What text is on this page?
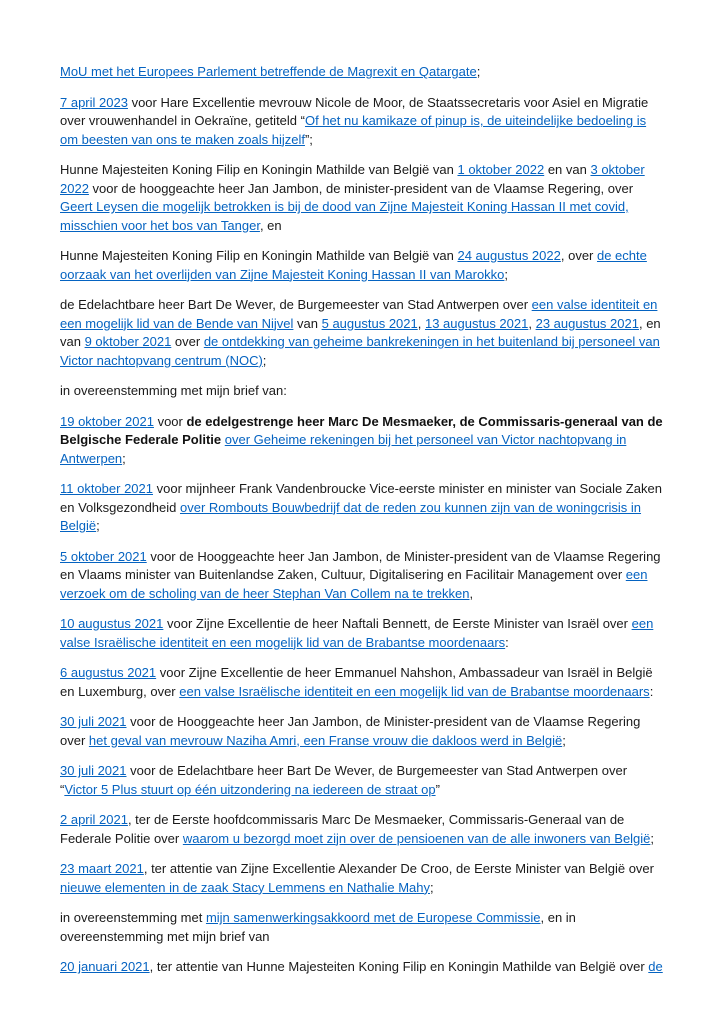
MoU met het Europees Parlement betreffende de Magrexit en Qatargate;

7 april 2023 voor Hare Excellentie mevrouw Nicole de Moor, de Staatssecretaris voor Asiel en Migratie over vrouwenhandel in Oekraïne, getiteld “Of het nu kamikaze of pinup is, de uiteindelijke bedoeling is om beesten van ons te maken zoals hijzelf”;

Hunne Majesteiten Koning Filip en Koningin Mathilde van België van 1 oktober 2022 en van 3 oktober 2022 voor de hooggeachte heer Jan Jambon, de minister-president van de Vlaamse Regering, over Geert Leysen die mogelijk betrokken is bij de dood van Zijne Majesteit Koning Hassan II met covid, misschien voor het bos van Tanger, en

Hunne Majesteiten Koning Filip en Koningin Mathilde van België van 24 augustus 2022, over de echte oorzaak van het overlijden van Zijne Majesteit Koning Hassan II van Marokko;

de Edelachtbare heer Bart De Wever, de Burgemeester van Stad Antwerpen over een valse identiteit en een mogelijk lid van de Bende van Nijvel van 5 augustus 2021, 13 augustus 2021, 23 augustus 2021, en van 9 oktober 2021 over de ontdekking van geheime bankrekeningen in het buitenland bij personeel van Victor nachtopvang centrum (NOC);

in overeenstemming met mijn brief van:

19 oktober 2021 voor de edelgestrenge heer Marc De Mesmaeker, de Commissaris-generaal van de Belgische Federale Politie over Geheime rekeningen bij het personeel van Victor nachtopvang in Antwerpen;

11 oktober 2021 voor mijnheer Frank Vandenbroucke Vice-eerste minister en minister van Sociale Zaken en Volksgezondheid over Rombouts Bouwbedrijf dat de reden zou kunnen zijn van de woningcrisis in België;

5 oktober 2021 voor de Hooggeachte heer Jan Jambon, de Minister-president van de Vlaamse Regering en Vlaams minister van Buitenlandse Zaken, Cultuur, Digitalisering en Facilitair Management over een verzoek om de scholing van de heer Stephan Van Collem na te trekken,

10 augustus 2021 voor Zijne Excellentie de heer Naftali Bennett, de Eerste Minister van Israël over een valse Israëlische identiteit en een mogelijk lid van de Brabantse moordenaars:

6 augustus 2021 voor Zijne Excellentie de heer Emmanuel Nahshon, Ambassadeur van Israël in België en Luxemburg, over een valse Israëlische identiteit en een mogelijk lid van de Brabantse moordenaars:

30 juli 2021 voor de Hooggeachte heer Jan Jambon, de Minister-president van de Vlaamse Regering over het geval van mevrouw Naziha Amri, een Franse vrouw die dakloos werd in België;

30 juli 2021 voor de Edelachtbare heer Bart De Wever, de Burgemeester van Stad Antwerpen over “Victor 5 Plus stuurt op één uitzondering na iedereen de straat op”

2 april 2021, ter de Eerste hoofdcommissaris Marc De Mesmaeker, Commissaris-Generaal van de Federale Politie over waarom u bezorgd moet zijn over de pensioenen van de alle inwoners van België;

23 maart 2021, ter attentie van Zijne Excellentie Alexander De Croo, de Eerste Minister van België over nieuwe elementen in de zaak Stacy Lemmens en Nathalie Mahy;

in overeenstemming met mijn samenwerkingsakkoord met de Europese Commissie, en in overeenstemming met mijn brief van

20 januari 2021, ter attentie van Hunne Majesteiten Koning Filip en Koningin Mathilde van België over de
